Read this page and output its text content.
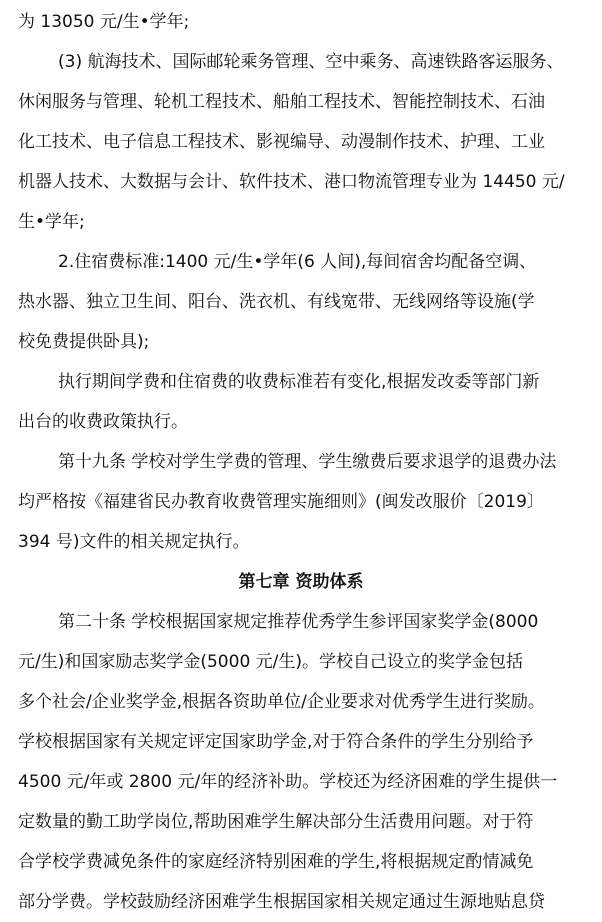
为 13050 元/生•学年;
(3) 航海技术、国际邮轮乘务管理、空中乘务、高速铁路客运服务、
休闲服务与管理、轮机工程技术、船舶工程技术、智能控制技术、石油
化工技术、电子信息工程技术、影视编导、动漫制作技术、护理、工业
机器人技术、大数据与会计、软件技术、港口物流管理专业为 14450 元/
生•学年;
2.住宿费标准:1400 元/生•学年(6 人间),每间宿舍均配备空调、
热水器、独立卫生间、阳台、洗衣机、有线宽带、无线网络等设施(学
校免费提供卧具);
执行期间学费和住宿费的收费标准若有变化,根据发改委等部门新
出台的收费政策执行。
第十九条 学校对学生学费的管理、学生缴费后要求退学的退费办法
均严格按《福建省民办教育收费管理实施细则》(闽发改服价〔2019〕
394 号)文件的相关规定执行。
第七章 资助体系
第二十条 学校根据国家规定推荐优秀学生参评国家奖学金(8000
元/生)和国家励志奖学金(5000 元/生)。学校自己设立的奖学金包括
多个社会/企业奖学金,根据各资助单位/企业要求对优秀学生进行奖励。
学校根据国家有关规定评定国家助学金,对于符合条件的学生分别给予
4500 元/年或 2800 元/年的经济补助。学校还为经济困难的学生提供一
定数量的勤工助学岗位,帮助困难学生解决部分生活费用问题。对于符
合学校学费减免条件的家庭经济特别困难的学生,将根据规定酌情减免
部分学费。学校鼓励经济困难学生根据国家相关规定通过生源地贴息贷
